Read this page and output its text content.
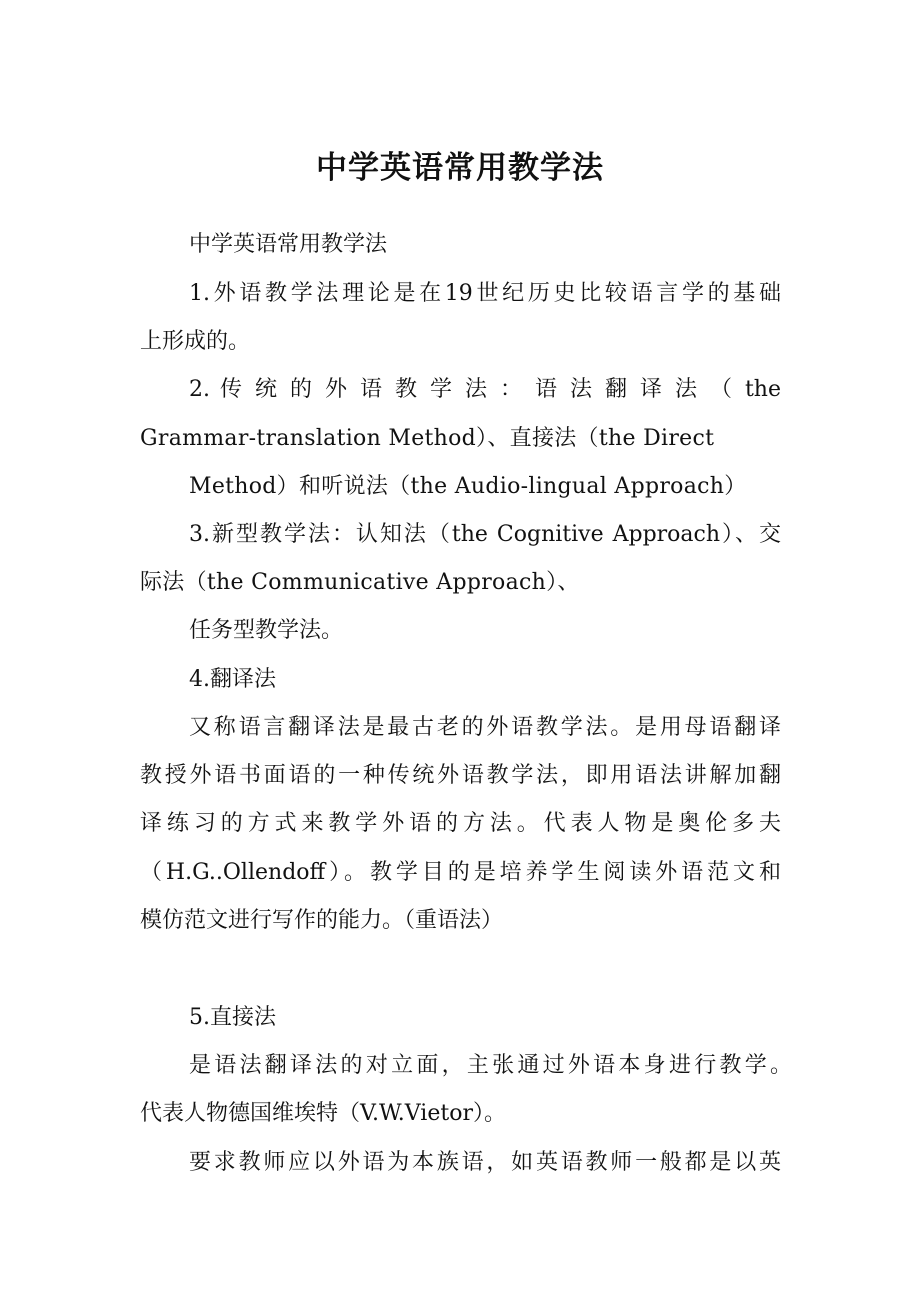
中学英语常用教学法
中学英语常用教学法
1.外语教学法理论是在19世纪历史比较语言学的基础
上形成的。
2. 传 统 的 外 语 教 学 法 ： 语 法 翻 译 法 （ the
Grammar-translation Method）、直接法（the Direct
Method）和听说法（the Audio-lingual Approach）
3.新型教学法：认知法（the Cognitive Approach）、交
际法（the Communicative Approach）、
任务型教学法。
4.翻译法
又称语言翻译法是最古老的外语教学法。是用母语翻译
教授外语书面语的一种传统外语教学法，即用语法讲解加翻
译练习的方式来教学外语的方法。代表人物是奥伦多夫
（H.G..Ollendoff）。教学目的是培养学生阅读外语范文和
模仿范文进行写作的能力。（重语法）
5.直接法
是语法翻译法的对立面，主张通过外语本身进行教学。
代表人物德国维埃特（V.W.Vietor）。
要求教师应以外语为本族语，如英语教师一般都是以英
